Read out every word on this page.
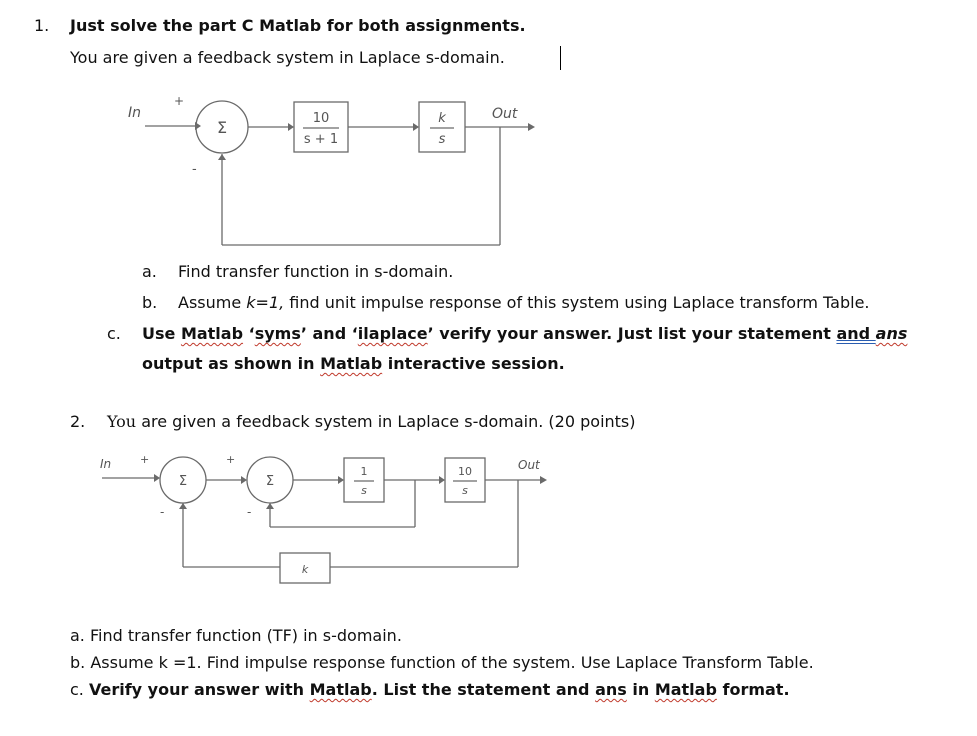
1. Just solve the part C Matlab for both assignments.
You are given a feedback system in Laplace s-domain.
In
+
-
Σ	10
s + 1
k
s
Out
a. Find transfer function in s-domain.
b. Assume k=1, find unit impulse response of this system using Laplace transform Table.
c. Use Matlab ‘syms’ and ‘ilaplace’ verify your answer. Just list your statement and ans
output as shown in Matlab interactive session.
2. You are given a feedback system in Laplace s-domain. (20 points)
In	+	+
-	-
Σ	Σ
1
s
10
s
k
Out
a. Find transfer function (TF) in s-domain.
b. Assume k =1. Find impulse response function of the system. Use Laplace Transform Table.
c. Verify your answer with Matlab. List the statement and ans in Matlab format.
